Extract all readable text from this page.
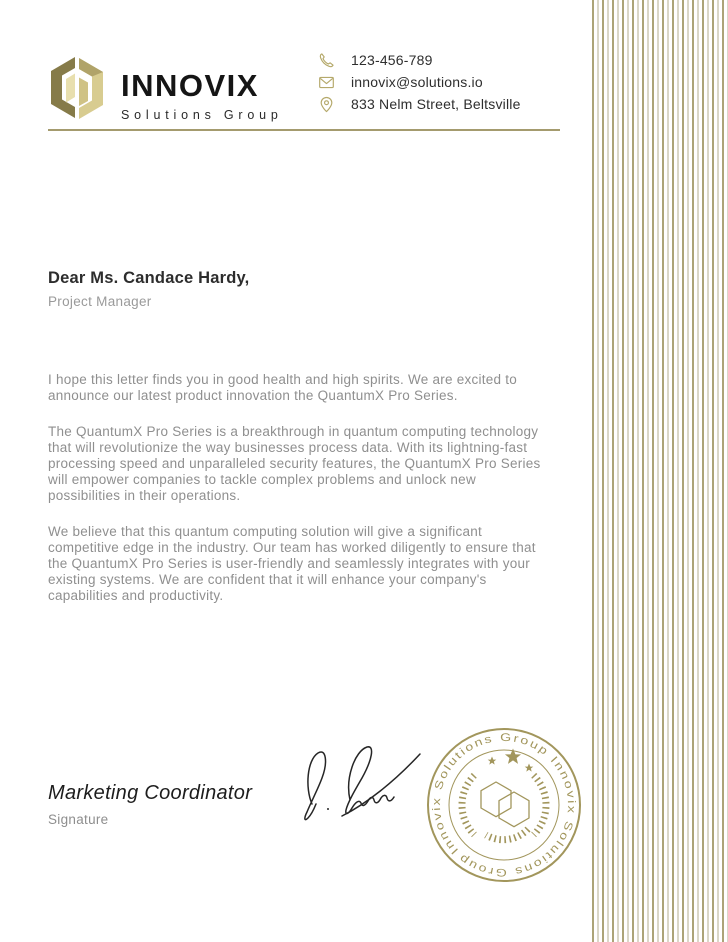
INNOVIX
Solutions Group
123-456-789
innovix@solutions.io
833 Nelm Street, Beltsville
Dear Ms. Candace Hardy,
Project Manager

I hope this letter finds you in good health and high spirits. We are excited to announce our latest product innovation the QuantumX Pro Series.

The QuantumX Pro Series is a breakthrough in quantum computing technology that will revolutionize the way businesses process data. With its lightning-fast processing speed and unparalleled security features, the QuantumX Pro Series will empower companies to tackle complex problems and unlock new possibilities in their operations.

We believe that this quantum computing solution will give a significant competitive edge in the industry. Our team has worked diligently to ensure that the QuantumX Pro Series is user-friendly and seamlessly integrates with your existing systems. We are confident that it will enhance your company's capabilities and productivity.

Marketing Coordinator
Signature
Innovix Solutions Group Innovix Solutions Group
